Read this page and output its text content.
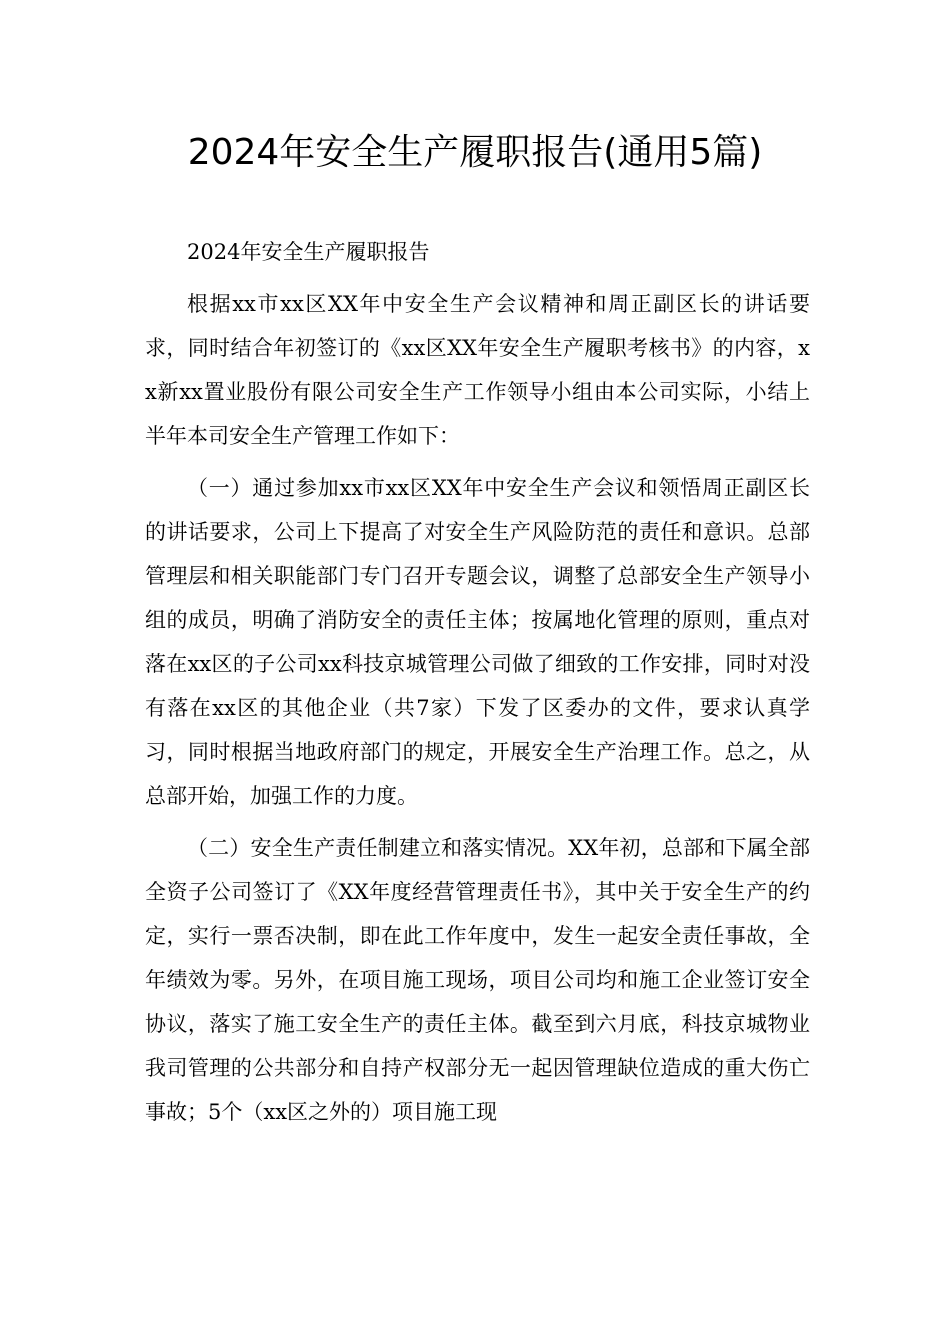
2024年安全生产履职报告(通用5篇)

2024年安全生产履职报告

根据xx市xx区XX年中安全生产会议精神和周正副区长的讲话要求，同时结合年初签订的《xx区XX年安全生产履职考核书》的内容，xx新xx置业股份有限公司安全生产工作领导小组由本公司实际，小结上半年本司安全生产管理工作如下：

（一）通过参加xx市xx区XX年中安全生产会议和领悟周正副区长的讲话要求，公司上下提高了对安全生产风险防范的责任和意识。总部管理层和相关职能部门专门召开专题会议，调整了总部安全生产领导小组的成员，明确了消防安全的责任主体；按属地化管理的原则，重点对落在xx区的子公司xx科技京城管理公司做了细致的工作安排，同时对没有落在xx区的其他企业（共7家）下发了区委办的文件，要求认真学习，同时根据当地政府部门的规定，开展安全生产治理工作。总之，从总部开始，加强工作的力度。

（二）安全生产责任制建立和落实情况。XX年初，总部和下属全部全资子公司签订了《XX年度经营管理责任书》，其中关于安全生产的约定，实行一票否决制，即在此工作年度中，发生一起安全责任事故，全年绩效为零。另外，在项目施工现场，项目公司均和施工企业签订安全协议，落实了施工安全生产的责任主体。截至到六月底，科技京城物业我司管理的公共部分和自持产权部分无一起因管理缺位造成的重大伤亡事故；5个（xx区之外的）项目施工现
